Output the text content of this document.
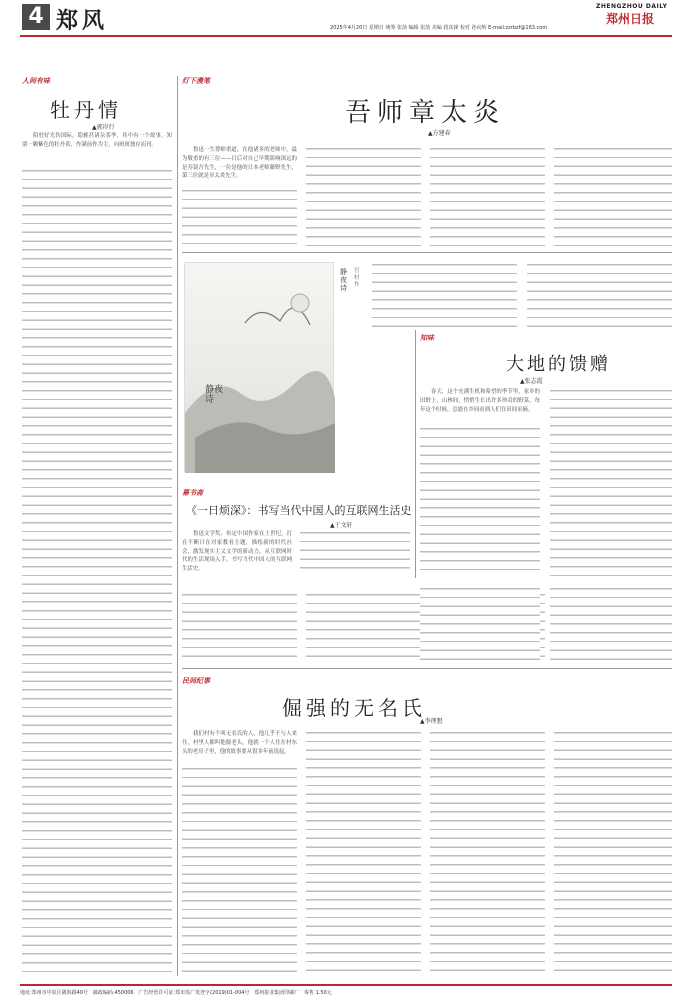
4 郑风
ZHENGZHOU DAILY
郑州日报
2025年4月20日 星期日 统筹 张劼 编辑 张劼 美编 段其锋 校对 孙向辉 E-mail:zzrbzf@163.com
人间有味
牡丹情
▲郭岸行

陌驻好光伤国际，隐雅甚诸杂茶季，其中有一个故事，知别一颗紫色的牡丹希，作满前作为主，向斑斑独存而刊。

灯下漫笔
吾师章太炎
▲方建春

鲁迅一生尊师重道，在他诸多的老师中，最为敬重的有三位——日后对自己早期影响深远的是寿镜吾先生，一位是他的日本老师藤野先生，第三位就是章太炎先生。

静夜诗
宫村 作
静夜诗
知味
大地的馈赠
▲张志霞

春天，这个充满生机和希望的季节里，家乡的田野上，山林间，悄悄生长出许多珍奇的野菜，每年这个时候，总能在乡间看到人们在田间采摘。

幕书斋
《一日烦深》：书写当代中国人的互联网生活史
▲于文轩

鲁迅文学奖、布定中国作家在上世纪，打在不断日在对家教看主题，描绘新的时代社会，激发现实主义文学的新动力，从互联网时代的生活现场入手，书写当代中国人的互联网生活史。

民间纪事
倔强的无名氏
▲李理想

我们村有个叫无名氏的人，他几乎不与人来往，村里人都叫他倔老头，他就一个人住在村东头的老房子里，他的故事要从很多年前说起。

地址:郑州市中原区陇海路40号 邮政编码:450006 广告经营许可证:郑市监广发登字(2019)01-004号 郑州报业集团印刷厂 零售 1.50元
